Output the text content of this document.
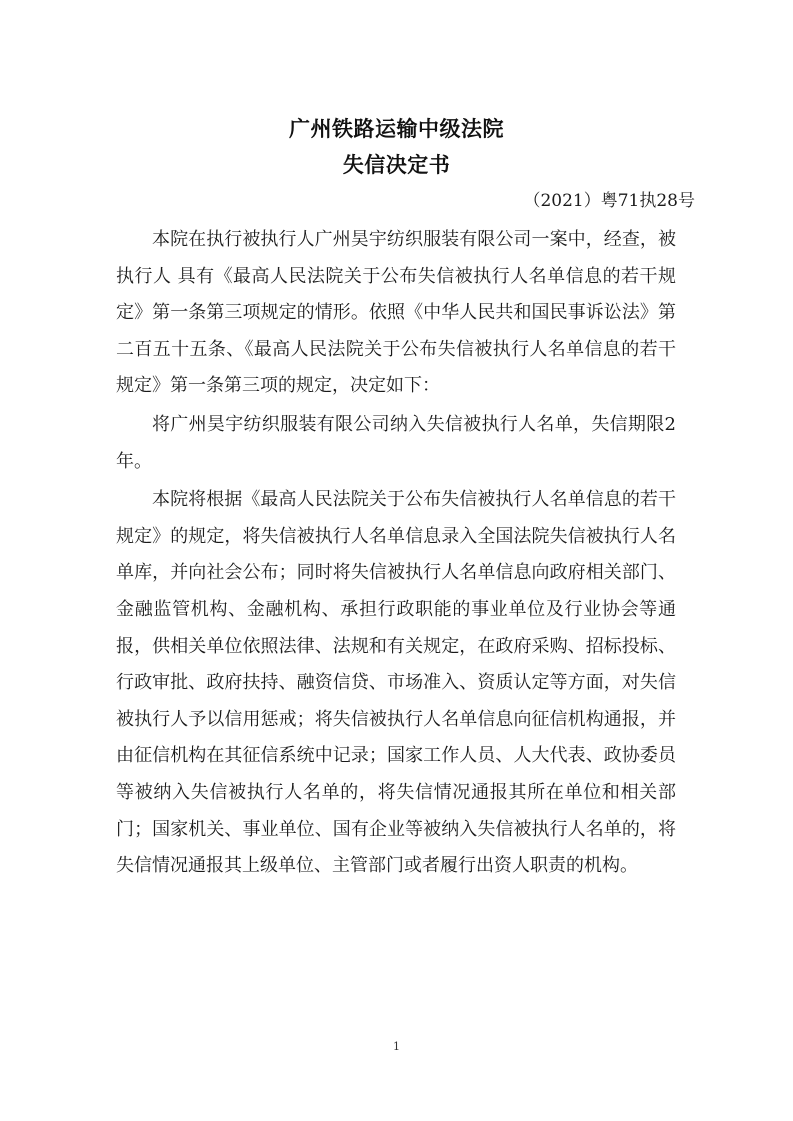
广州铁路运输中级法院
失信决定书
（2021）粤71执28号

本院在执行被执行人广州昊宇纺织服装有限公司一案中，经查，被执行人 具有《最高人民法院关于公布失信被执行人名单信息的若干规定》第一条第三项规定的情形。依照《中华人民共和国民事诉讼法》第二百五十五条、《最高人民法院关于公布失信被执行人名单信息的若干规定》第一条第三项的规定，决定如下：

将广州昊宇纺织服装有限公司纳入失信被执行人名单，失信期限2年。

本院将根据《最高人民法院关于公布失信被执行人名单信息的若干规定》的规定，将失信被执行人名单信息录入全国法院失信被执行人名单库，并向社会公布；同时将失信被执行人名单信息向政府相关部门、金融监管机构、金融机构、承担行政职能的事业单位及行业协会等通报，供相关单位依照法律、法规和有关规定，在政府采购、招标投标、行政审批、政府扶持、融资信贷、市场准入、资质认定等方面，对失信被执行人予以信用惩戒；将失信被执行人名单信息向征信机构通报，并由征信机构在其征信系统中记录；国家工作人员、人大代表、政协委员等被纳入失信被执行人名单的，将失信情况通报其所在单位和相关部门；国家机关、事业单位、国有企业等被纳入失信被执行人名单的，将失信情况通报其上级单位、主管部门或者履行出资人职责的机构。

1
